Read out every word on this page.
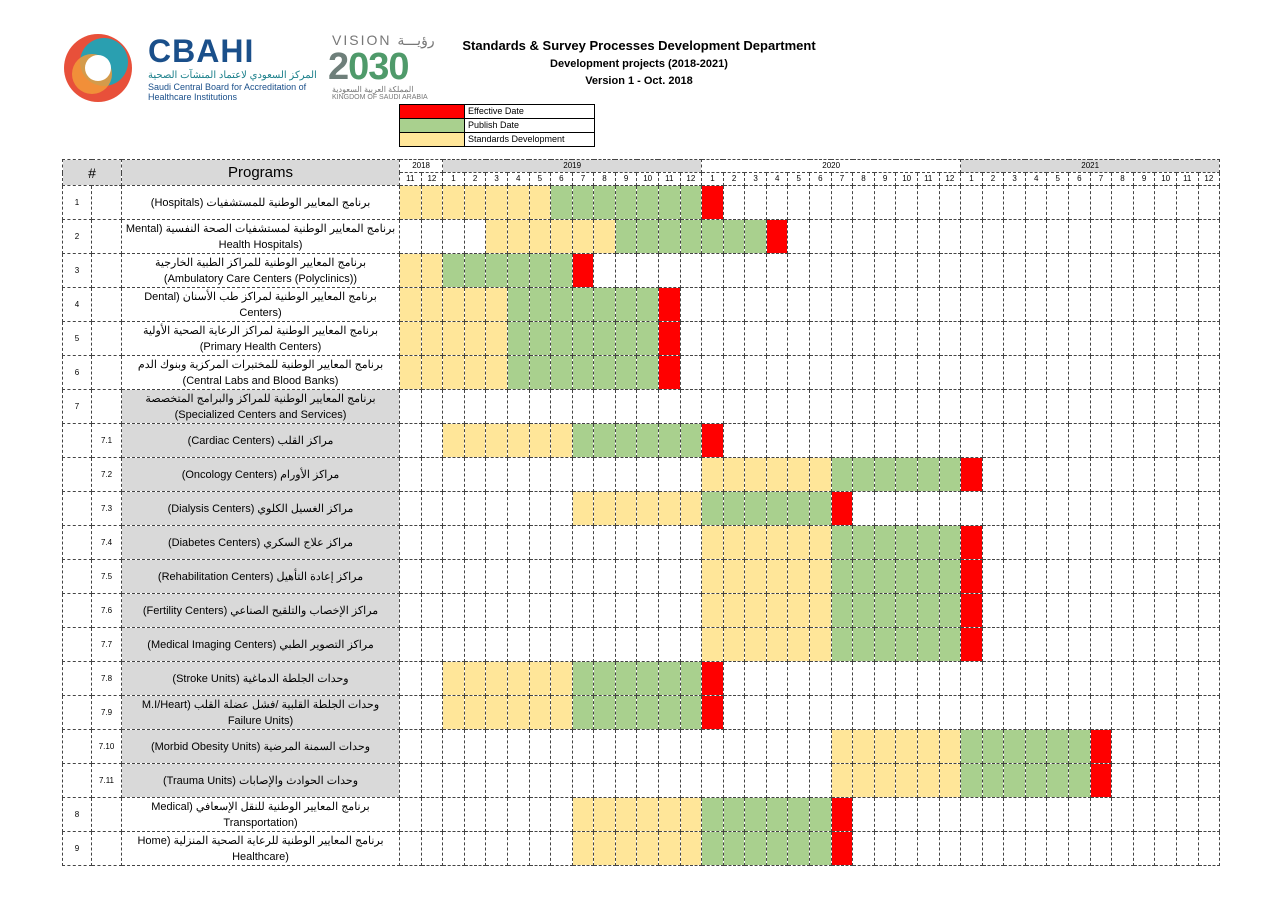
CBAHI
المركز السعودي لاعتماد المنشآت الصحية
Saudi Central Board for Accreditation of Healthcare Institutions
VISION رؤيـــة
2030
المملكة العربية السعودية
KINGDOM OF SAUDI ARABIA
Standards & Survey Processes Development Department
Development projects (2018-2021)
Version 1 - Oct. 2018
Effective Date
Publish Date
Standards Development
#		Programs	2018		2019												2020												2021											
			11	12	1	2	3	4	5	6	7	8	9	10	11	12	1	2	3	4	5	6	7	8	9	10	11	12	1	2	3	4	5	6	7	8	9	10	11	12
1		برنامج المعايير الوطنية للمستشفيات (Hospitals)																																						

2		برنامج المعايير الوطنية لمستشفيات الصحة النفسية (Mental
Health Hospitals)																																						

3		برنامج المعايير الوطنية للمراكز الطبية الخارجية
(Ambulatory Care Centers (Polyclinics))																																						

4		برنامج المعايير الوطنية لمراكز طب الأسنان (Dental
Centers)																																						

5		برنامج المعايير الوطنية لمراكز الرعاية الصحية الأولية
(Primary Health Centers)																																						

6		برنامج المعايير الوطنية للمختبرات المركزية وبنوك الدم
(Central Labs and Blood Banks)																																						

7		برنامج المعايير الوطنية للمراكز والبرامج المتخصصة
(Specialized Centers and Services)																																						

	7.1	مراكز القلب (Cardiac Centers)																																						

	7.2	مراكز الأورام (Oncology Centers)																																						

	7.3	مراكز الغسيل الكلوي (Dialysis Centers)																																						

	7.4	مراكز علاج السكري (Diabetes Centers)																																						

	7.5	مراكز إعادة التأهيل (Rehabilitation Centers)																																						

	7.6	مراكز الإخصاب والتلقيح الصناعي (Fertility Centers)																																						

	7.7	مراكز التصوير الطبي (Medical Imaging Centers)																																						

	7.8	وحدات الجلطة الدماغية (Stroke Units)																																						

	7.9	وحدات الجلطة القلبية /فشل عضلة القلب (M.I/Heart
Failure Units)																																						

	7.10	وحدات السمنة المرضية (Morbid Obesity Units)																																						

	7.11	وحدات الحوادث والإصابات (Trauma Units)																																						

8		برنامج المعايير الوطنية للنقل الإسعافي (Medical
Transportation)																																						

9		برنامج المعايير الوطنية للرعاية الصحية المنزلية (Home
Healthcare)																																						
